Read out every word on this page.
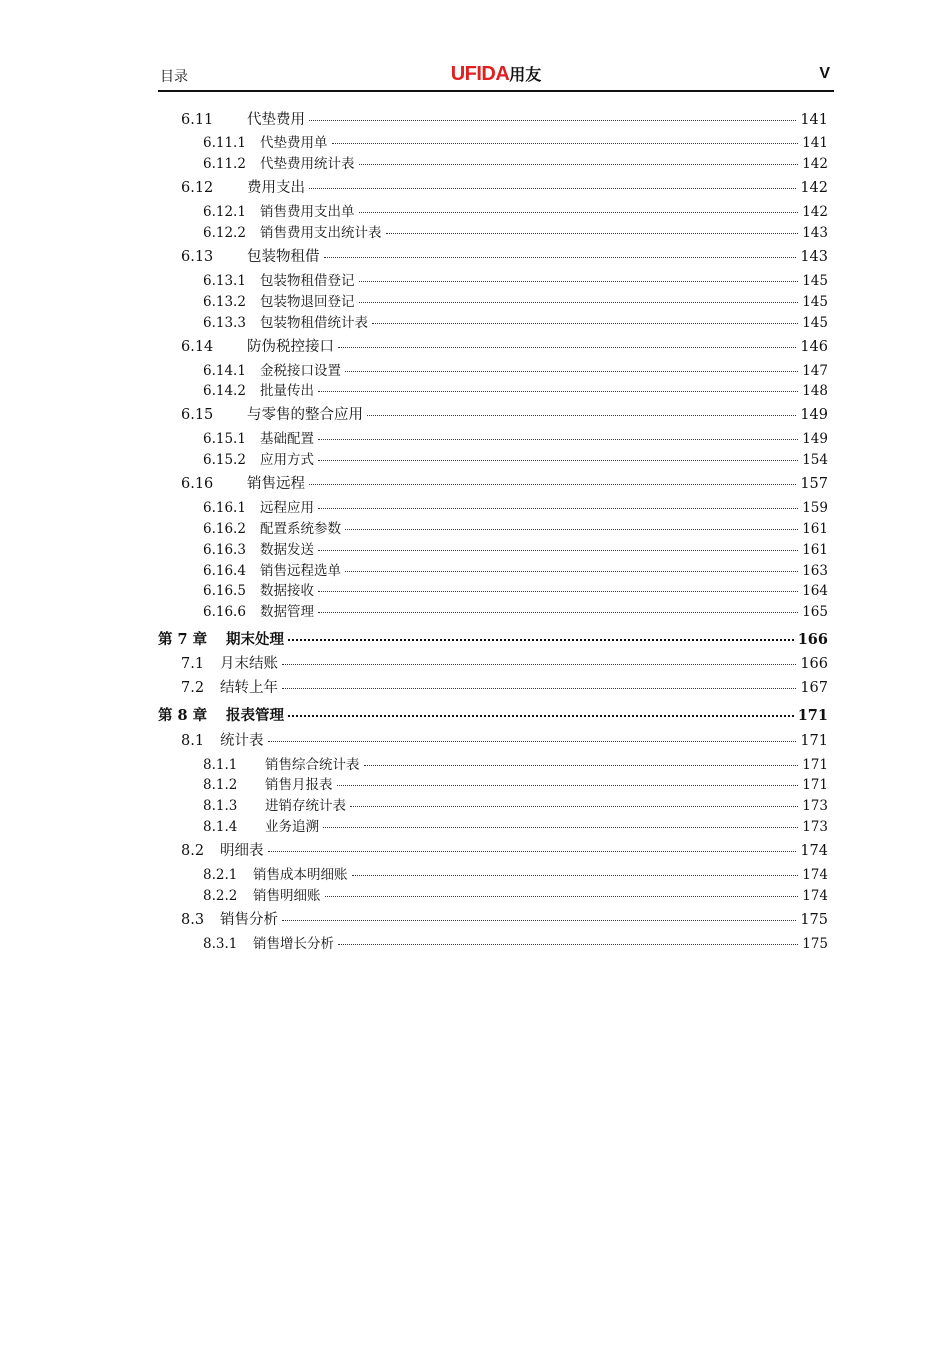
目录	UFIDA用友	V
6.11	代垫费用	141
6.11.1	代垫费用单	141
6.11.2	代垫费用统计表	142
6.12	费用支出	142
6.12.1	销售费用支出单	142
6.12.2	销售费用支出统计表	143
6.13	包装物租借	143
6.13.1	包装物租借登记	145
6.13.2	包装物退回登记	145
6.13.3	包装物租借统计表	145
6.14	防伪税控接口	146
6.14.1	金税接口设置	147
6.14.2	批量传出	148
6.15	与零售的整合应用	149
6.15.1	基础配置	149
6.15.2	应用方式	154
6.16	销售远程	157
6.16.1	远程应用	159
6.16.2	配置系统参数	161
6.16.3	数据发送	161
6.16.4	销售远程选单	163
6.16.5	数据接收	164
6.16.6	数据管理	165
第 7 章	期末处理	166
7.1	月末结账	166
7.2	结转上年	167
第 8 章	报表管理	171
8.1	统计表	171
8.1.1	销售综合统计表	171
8.1.2	销售月报表	171
8.1.3	进销存统计表	173
8.1.4	业务追溯	173
8.2	明细表	174
8.2.1	销售成本明细账	174
8.2.2	销售明细账	174
8.3	销售分析	175
8.3.1	销售增长分析	175
